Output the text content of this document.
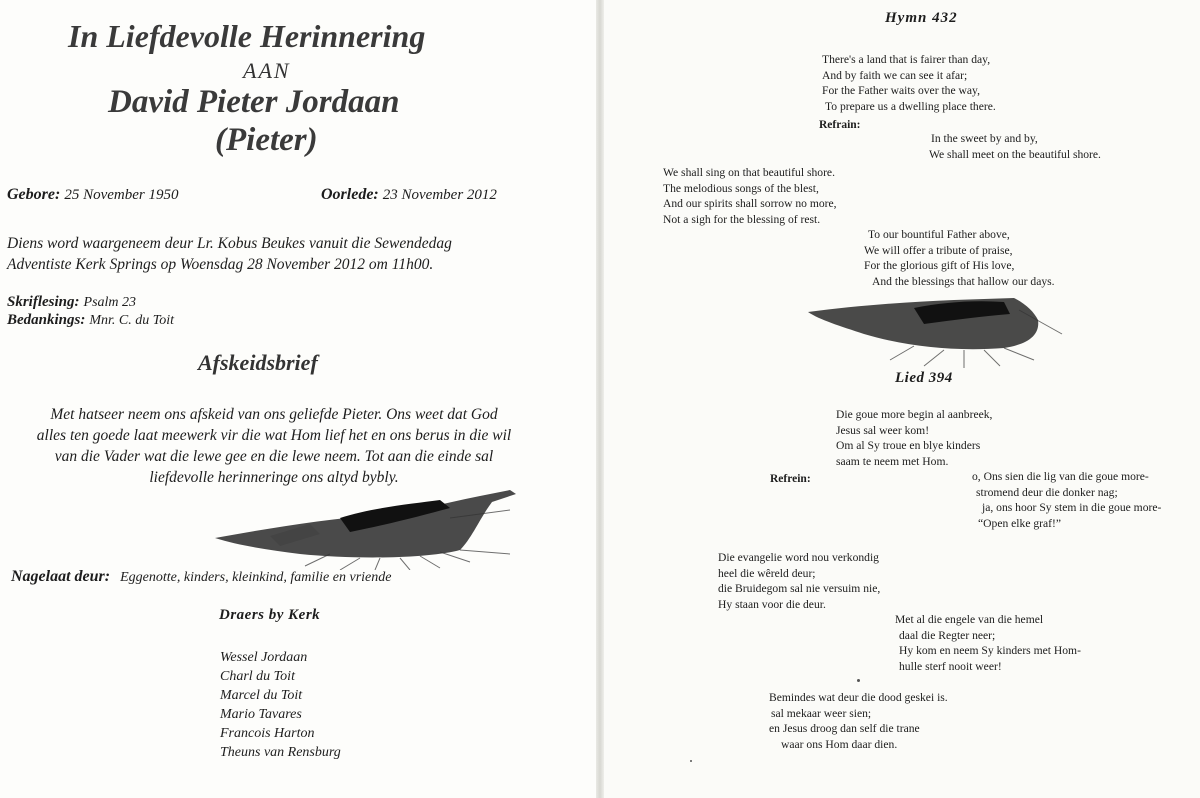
In Liefdevolle Herinnering
AAN
David Pieter Jordaan
(Pieter)
Gebore: 25 November 1950	Oorlede: 23 November 2012
Diens word waargeneem deur Lr. Kobus Beukes vanuit die Sewendedag
Adventiste Kerk Springs op Woensdag 28 November 2012 om 11h00.
Skriflesing: Psalm 23
Bedankings: Mnr. C. du Toit
Afskeidsbrief
Met hatseer neem ons afskeid van ons geliefde Pieter. Ons weet dat God
alles ten goede laat meewerk vir die wat Hom lief het en ons berus in die wil
van die Vader wat die lewe gee en die lewe neem. Tot aan die einde sal
liefdevolle herinneringe ons altyd bybly.
Nagelaat deur: Eggenotte, kinders, kleinkind, familie en vriende
Draers by Kerk
Wessel Jordaan
Charl du Toit
Marcel du Toit
Mario Tavares
Francois Harton
Theuns van Rensburg
Hymn 432
There's a land that is fairer than day,
And by faith we can see it afar;
For the Father waits over the way,
To prepare us a dwelling place there.
Refrain:
In the sweet by and by,
We shall meet on the beautiful shore.
We shall sing on that beautiful shore.
The melodious songs of the blest,
And our spirits shall sorrow no more,
Not a sigh for the blessing of rest.
To our bountiful Father above,
We will offer a tribute of praise,
For the glorious gift of His love,
And the blessings that hallow our days.
Lied 394
Die goue more begin al aanbreek,
Jesus sal weer kom!
Om al Sy troue en blye kinders
saam te neem met Hom.
Refrein:	o, Ons sien die lig van die goue more-
stromend deur die donker nag;
ja, ons hoor Sy stem in die goue more-
“Open elke graf!”
Die evangelie word nou verkondig
heel die wêreld deur;
die Bruidegom sal nie versuim nie,
Hy staan voor die deur.
Met al die engele van die hemel
daal die Regter neer;
Hy kom en neem Sy kinders met Hom-
hulle sterf nooit weer!
Bemindes wat deur die dood geskei is.
sal mekaar weer sien;
en Jesus droog dan self die trane
waar ons Hom daar dien.
